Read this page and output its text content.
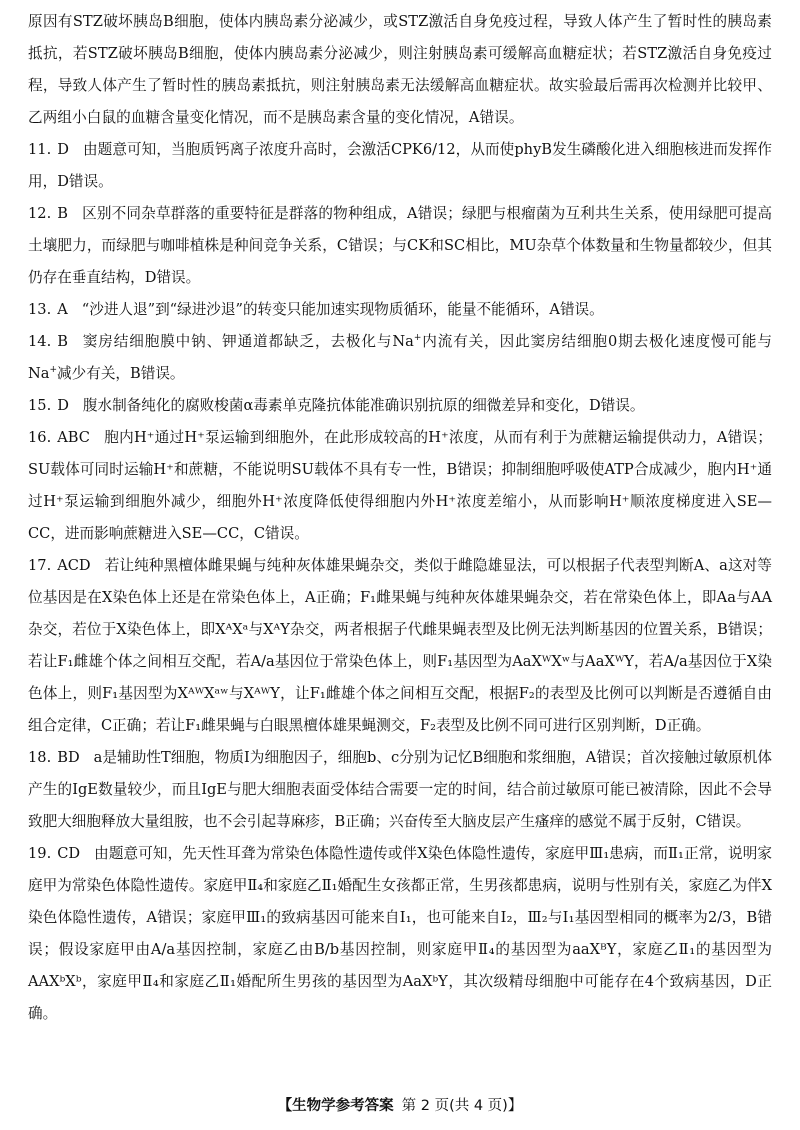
原因有STZ破坏胰岛B细胞，使体内胰岛素分泌减少，或STZ激活自身免疫过程，导致人体产生了暂时性的胰岛素抵抗，若STZ破坏胰岛B细胞，使体内胰岛素分泌减少，则注射胰岛素可缓解高血糖症状；若STZ激活自身免疫过程，导致人体产生了暂时性的胰岛素抵抗，则注射胰岛素无法缓解高血糖症状。故实验最后需再次检测并比较甲、乙两组小白鼠的血糖含量变化情况，而不是胰岛素含量的变化情况，A错误。

11. D 由题意可知，当胞质钙离子浓度升高时，会激活CPK6/12，从而使phyB发生磷酸化进入细胞核进而发挥作用，D错误。
12. B 区别不同杂草群落的重要特征是群落的物种组成，A错误；绿肥与根瘤菌为互利共生关系，使用绿肥可提高土壤肥力，而绿肥与咖啡植株是种间竞争关系，C错误；与CK和SC相比，MU杂草个体数量和生物量都较少，但其仍存在垂直结构，D错误。
13. A “沙进人退”到“绿进沙退”的转变只能加速实现物质循环，能量不能循环，A错误。
14. B 窦房结细胞膜中钠、钾通道都缺乏，去极化与Na+内流有关，因此窦房结细胞0期去极化速度慢可能与Na+减少有关，B错误。
15. D 腹水制备纯化的腐败梭菌α毒素单克隆抗体能准确识别抗原的细微差异和变化，D错误。
16. ABC 胞内H⁺通过H⁺泵运输到细胞外，在此形成较高的H⁺浓度，从而有利于为蔗糖运输提供动力，A错误；SU载体可同时运输H⁺和蔗糖，不能说明SU载体不具有专一性，B错误；抑制细胞呼吸使ATP合成减少，胞内H⁺通过H⁺泵运输到细胞外减少，细胞外H⁺浓度降低使得细胞内外H⁺浓度差缩小，从而影响H⁺顺浓度梯度进入SE—CC，进而影响蔗糖进入SE—CC，C错误。
17. ACD 若让纯种黑檀体雌果蝇与纯种灰体雄果蝇杂交，类似于雌隐雄显法，可以根据子代表型判断A、a这对等位基因是在X染色体上还是在常染色体上，A正确；F₁雌果蝇与纯种灰体雄果蝇杂交，若在常染色体上，即Aa与AA杂交，若位于X染色体上，即XᴬXᵃ与XᴬY杂交，两者根据子代雌果蝇表型及比例无法判断基因的位置关系，B错误；若让F₁雌雄个体之间相互交配，若A/a基因位于常染色体上，则F₁基因型为AaXᵂXʷ与AaXᵂY，若A/a基因位于X染色体上，则F₁基因型为XᴬᵂXᵃʷ与XᴬᵂY，让F₁雌雄个体之间相互交配，根据F₂的表型及比例可以判断是否遵循自由组合定律，C正确；若让F₁雌果蝇与白眼黑檀体雄果蝇测交，F₂表型及比例不同可进行区别判断，D正确。
18. BD a是辅助性T细胞，物质Ⅰ为细胞因子，细胞b、c分别为记忆B细胞和浆细胞，A错误；首次接触过敏原机体产生的IgE数量较少，而且IgE与肥大细胞表面受体结合需要一定的时间，结合前过敏原可能已被清除，因此不会导致肥大细胞释放大量组胺，也不会引起荨麻疹，B正确；兴奋传至大脑皮层产生瘙痒的感觉不属于反射，C错误。
19. CD 由题意可知，先天性耳聋为常染色体隐性遗传或伴X染色体隐性遗传，家庭甲Ⅲ₁患病，而Ⅱ₁正常，说明家庭甲为常染色体隐性遗传。家庭甲Ⅱ₄和家庭乙Ⅱ₁婚配生女孩都正常，生男孩都患病，说明与性别有关，家庭乙为伴X染色体隐性遗传，A错误；家庭甲Ⅲ₁的致病基因可能来自Ⅰ₁，也可能来自Ⅰ₂，Ⅲ₂与Ⅰ₁基因型相同的概率为2/3，B错误；假设家庭甲由A/a基因控制，家庭乙由B/b基因控制，则家庭甲Ⅱ₄的基因型为aaXᴮY，家庭乙Ⅱ₁的基因型为AAXᵇXᵇ，家庭甲Ⅱ₄和家庭乙Ⅱ₁婚配所生男孩的基因型为AaXᵇY，其次级精母细胞中可能存在4个致病基因，D正确。
【生物学参考答案 第 2 页(共 4 页)】
